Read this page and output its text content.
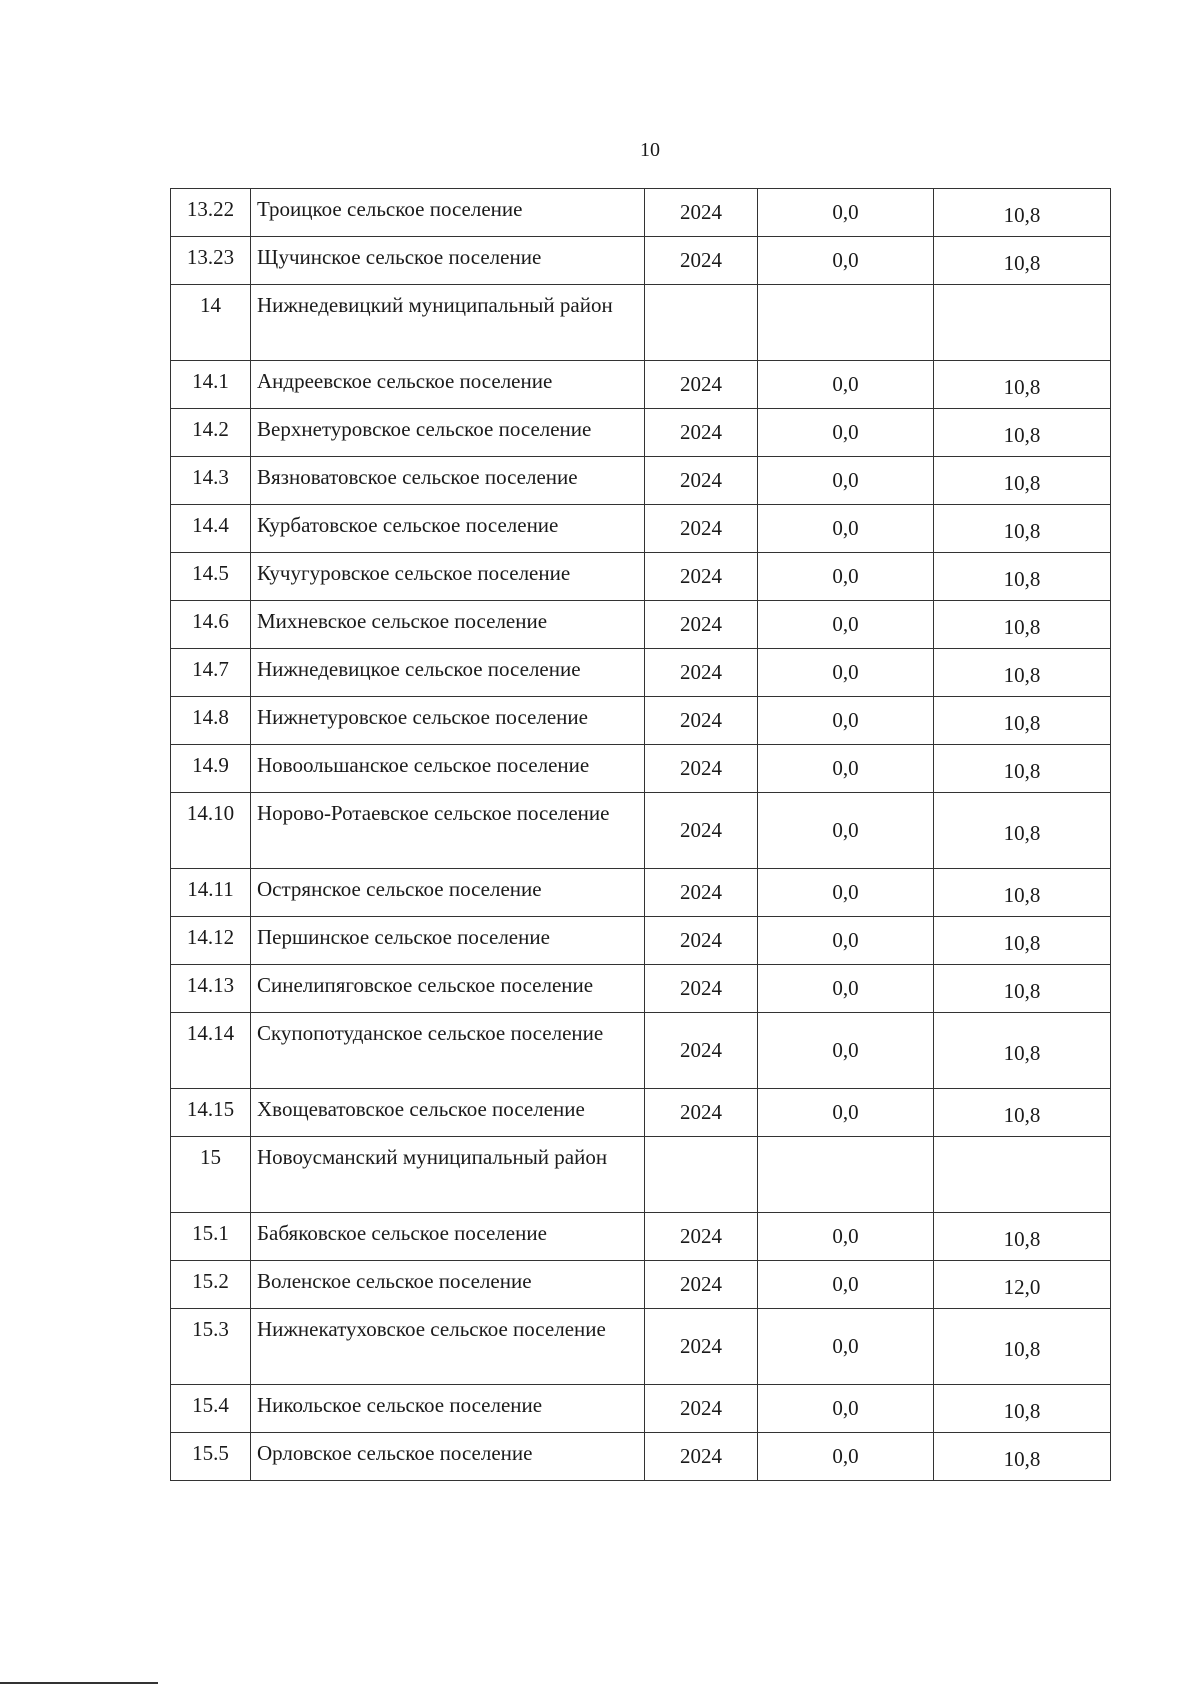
10
13.22	Троицкое сельское поселение	2024	0,0	10,8
13.23	Щучинское сельское поселение	2024	0,0	10,8
14	Нижнедевицкий муниципальный район			
14.1	Андреевское сельское поселение	2024	0,0	10,8
14.2	Верхнетуровское сельское поселение	2024	0,0	10,8
14.3	Вязноватовское сельское поселение	2024	0,0	10,8
14.4	Курбатовское сельское поселение	2024	0,0	10,8
14.5	Кучугуровское сельское поселение	2024	0,0	10,8
14.6	Михневское сельское поселение	2024	0,0	10,8
14.7	Нижнедевицкое сельское поселение	2024	0,0	10,8
14.8	Нижнетуровское сельское поселение	2024	0,0	10,8
14.9	Новоольшанское сельское поселение	2024	0,0	10,8
14.10	Норово-Ротаевское сельское поселение	2024	0,0	10,8
14.11	Острянское сельское поселение	2024	0,0	10,8
14.12	Першинское сельское поселение	2024	0,0	10,8
14.13	Синелипяговское сельское поселение	2024	0,0	10,8
14.14	Скупопотуданское сельское поселение	2024	0,0	10,8
14.15	Хвощеватовское сельское поселение	2024	0,0	10,8
15	Новоусманский муниципальный район			
15.1	Бабяковское сельское поселение	2024	0,0	10,8
15.2	Воленское сельское поселение	2024	0,0	12,0
15.3	Нижнекатуховское сельское поселение	2024	0,0	10,8
15.4	Никольское сельское поселение	2024	0,0	10,8
15.5	Орловское сельское поселение	2024	0,0	10,8
